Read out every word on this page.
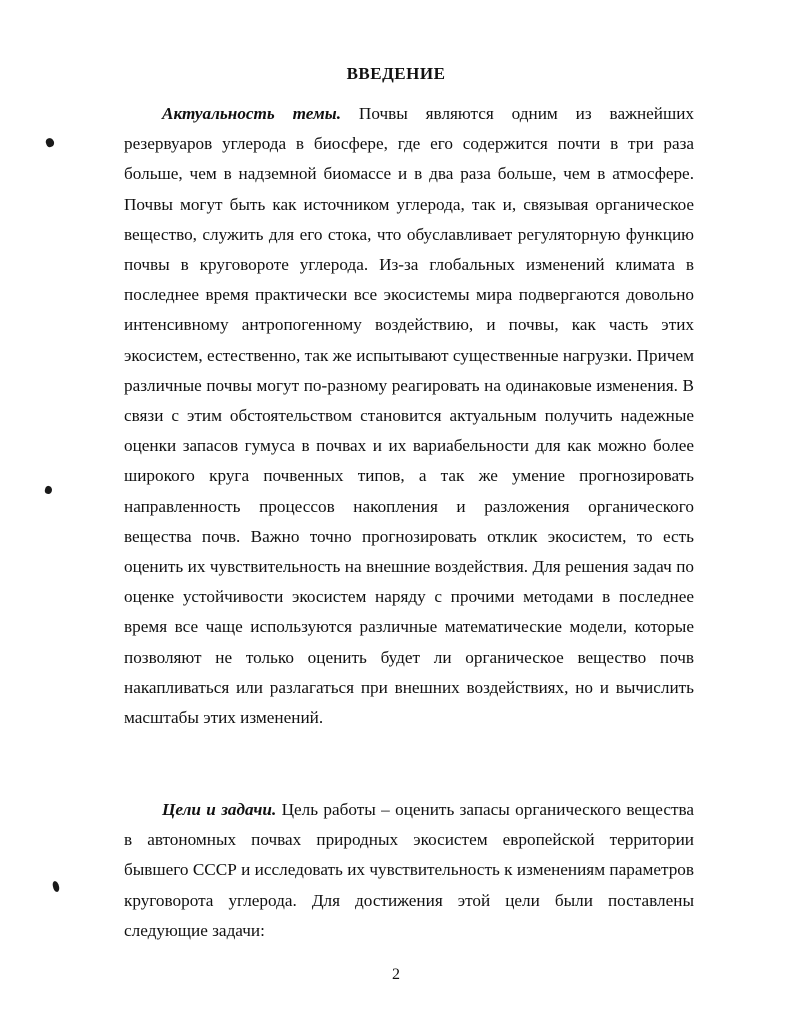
ВВЕДЕНИЕ

Актуальность темы. Почвы являются одним из важнейших резервуаров углерода в биосфере, где его содержится почти в три раза больше, чем в надземной биомассе и в два раза больше, чем в атмосфере. Почвы могут быть как источником углерода, так и, связывая органическое вещество, служить для его стока, что обуславливает регуляторную функцию почвы в круговороте углерода. Из-за глобальных изменений климата в последнее время практически все экосистемы мира подвергаются довольно интенсивному антропогенному воздействию, и почвы, как часть этих экосистем, естественно, так же испытывают существенные нагрузки. Причем различные почвы могут по-разному реагировать на одинаковые изменения. В связи с этим обстоятельством становится актуальным получить надежные оценки запасов гумуса в почвах и их вариабельности для как можно более широкого круга почвенных типов, а так же умение прогнозировать направленность процессов накопления и разложения органического вещества почв. Важно точно прогнозировать отклик экосистем, то есть оценить их чувствительность на внешние воздействия. Для решения задач по оценке устойчивости экосистем наряду с прочими методами в последнее время все чаще используются различные математические модели, которые позволяют не только оценить будет ли органическое вещество почв накапливаться или разлагаться при внешних воздействиях, но и вычислить масштабы этих изменений.

Цели и задачи. Цель работы – оценить запасы органического вещества в автономных почвах природных экосистем европейской территории бывшего СССР и исследовать их чувствительность к изменениям параметров круговорота углерода. Для достижения этой цели были поставлены следующие задачи:

2
